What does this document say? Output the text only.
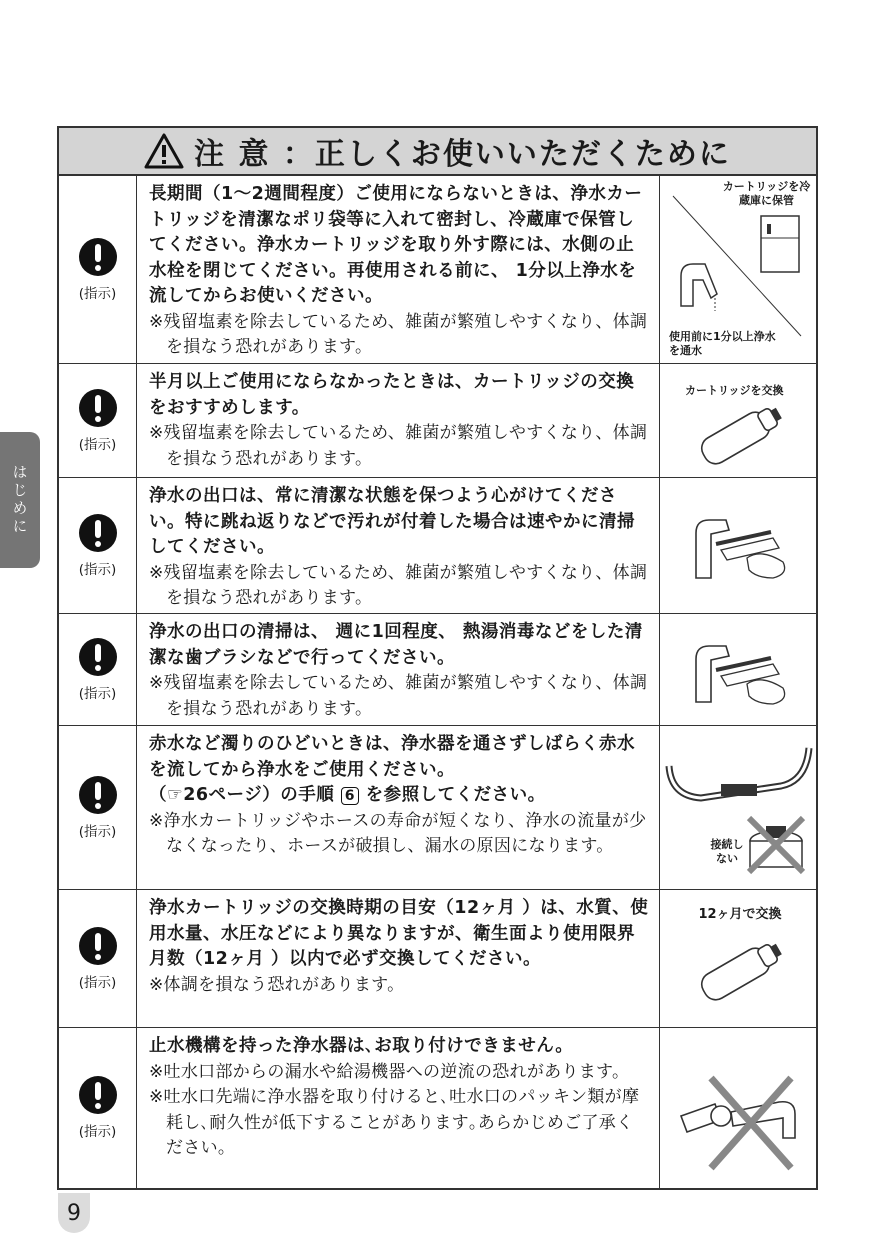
はじめに
注 意 ：正しくお使いいただくために
(指示)
長期間（1～2週間程度）ご使用にならないときは、浄水カートリッジを清潔なポリ袋等に入れて密封し、冷蔵庫で保管してください。浄水カートリッジを取り外す際には、水側の止水栓を閉じてください。再使用される前に、 1分以上浄水を流してからお使いください。
※残留塩素を除去しているため、雑菌が繁殖しやすくなり、体調を損なう恐れがあります。
カートリッジを冷蔵庫に保管
使用前に1分以上浄水を通水
(指示)
半月以上ご使用にならなかったときは、カートリッジの交換をおすすめします。
※残留塩素を除去しているため、雑菌が繁殖しやすくなり、体調を損なう恐れがあります。
カートリッジを交換
(指示)
浄水の出口は、常に清潔な状態を保つよう心がけてください。特に跳ね返りなどで汚れが付着した場合は速やかに清掃してください。
※残留塩素を除去しているため、雑菌が繁殖しやすくなり、体調を損なう恐れがあります。
(指示)
浄水の出口の清掃は、 週に1回程度、 熱湯消毒などをした清潔な歯ブラシなどで行ってください。
※残留塩素を除去しているため、雑菌が繁殖しやすくなり、体調を損なう恐れがあります。
(指示)
赤水など濁りのひどいときは、浄水器を通さずしばらく赤水を流してから浄水をご使用ください。
（☞26ページ）の手順 6 を参照してください。
※浄水カートリッジやホースの寿命が短くなり、浄水の流量が少なくなったり、ホースが破損し、漏水の原因になります。	接続しない
(指示)
浄水カートリッジの交換時期の目安（12ヶ月 ）は、水質、使用水量、水圧などにより異なりますが、衛生面より使用限界月数（12ヶ月 ）以内で必ず交換してください。
※体調を損なう恐れがあります。
12ヶ月で交換
(指示)
止水機構を持った浄水器は､お取り付けできません。
※吐水口部からの漏水や給湯機器への逆流の恐れがあります。
※吐水口先端に浄水器を取り付けると､吐水口のパッキン類が摩耗し､耐久性が低下することがあります｡あらかじめご了承ください。
9
